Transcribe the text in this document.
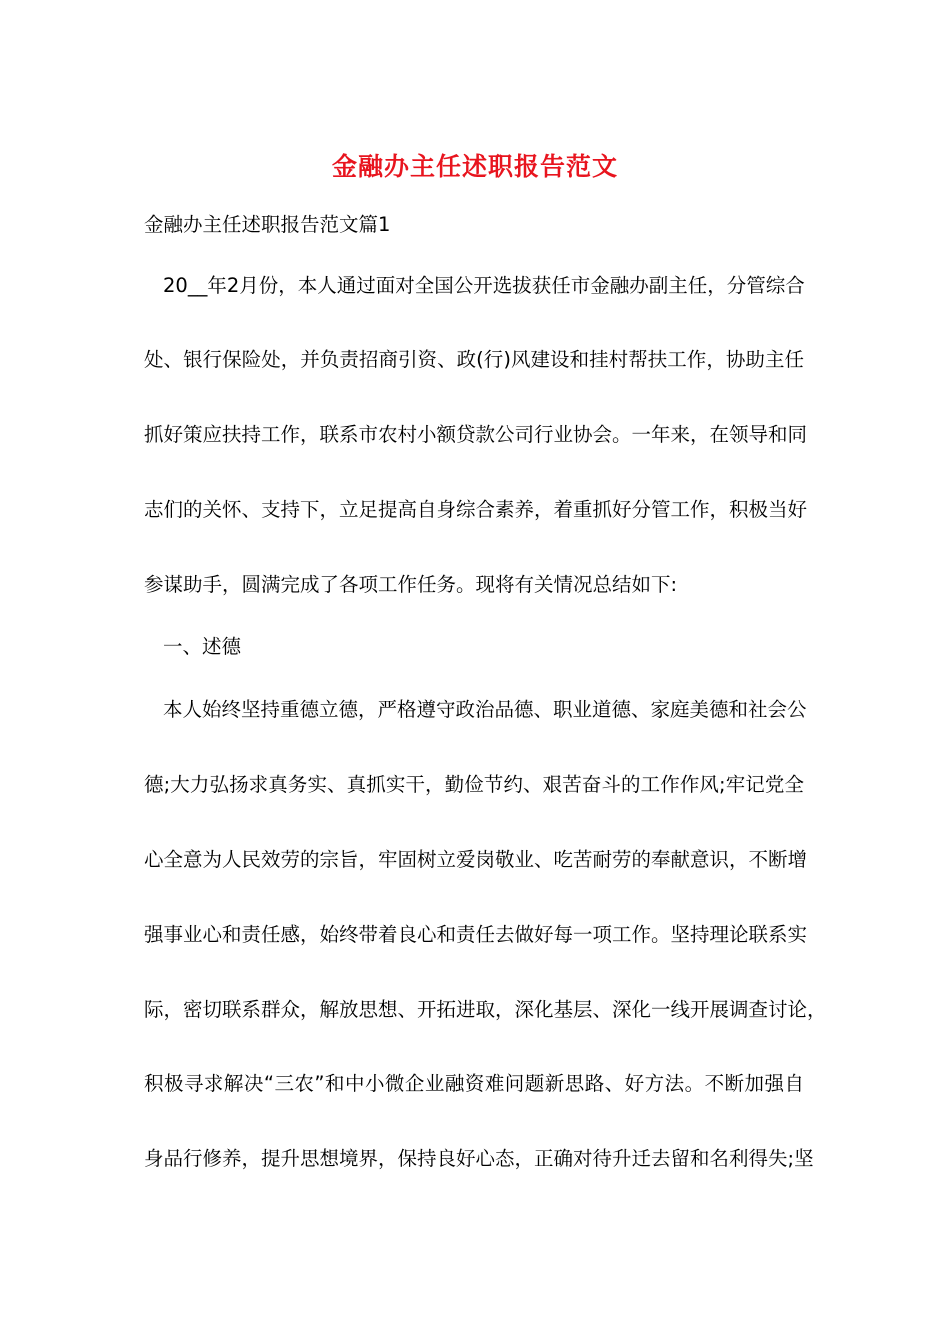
金融办主任述职报告范文
金融办主任述职报告范文篇1
20__年2月份，本人通过面对全国公开选拔获任市金融办副主任，分管综合
处、银行保险处，并负责招商引资、政(行)风建设和挂村帮扶工作，协助主任
抓好策应扶持工作，联系市农村小额贷款公司行业协会。一年来，在领导和同
志们的关怀、支持下，立足提高自身综合素养，着重抓好分管工作，积极当好
参谋助手，圆满完成了各项工作任务。现将有关情况总结如下:
一、述德
本人始终坚持重德立德，严格遵守政治品德、职业道德、家庭美德和社会公
德;大力弘扬求真务实、真抓实干，勤俭节约、艰苦奋斗的工作作风;牢记党全
心全意为人民效劳的宗旨，牢固树立爱岗敬业、吃苦耐劳的奉献意识，不断增
强事业心和责任感，始终带着良心和责任去做好每一项工作。坚持理论联系实
际，密切联系群众，解放思想、开拓进取，深化基层、深化一线开展调查讨论，
积极寻求解决“三农”和中小微企业融资难问题新思路、好方法。不断加强自
身品行修养，提升思想境界，保持良好心态，正确对待升迁去留和名利得失;坚
